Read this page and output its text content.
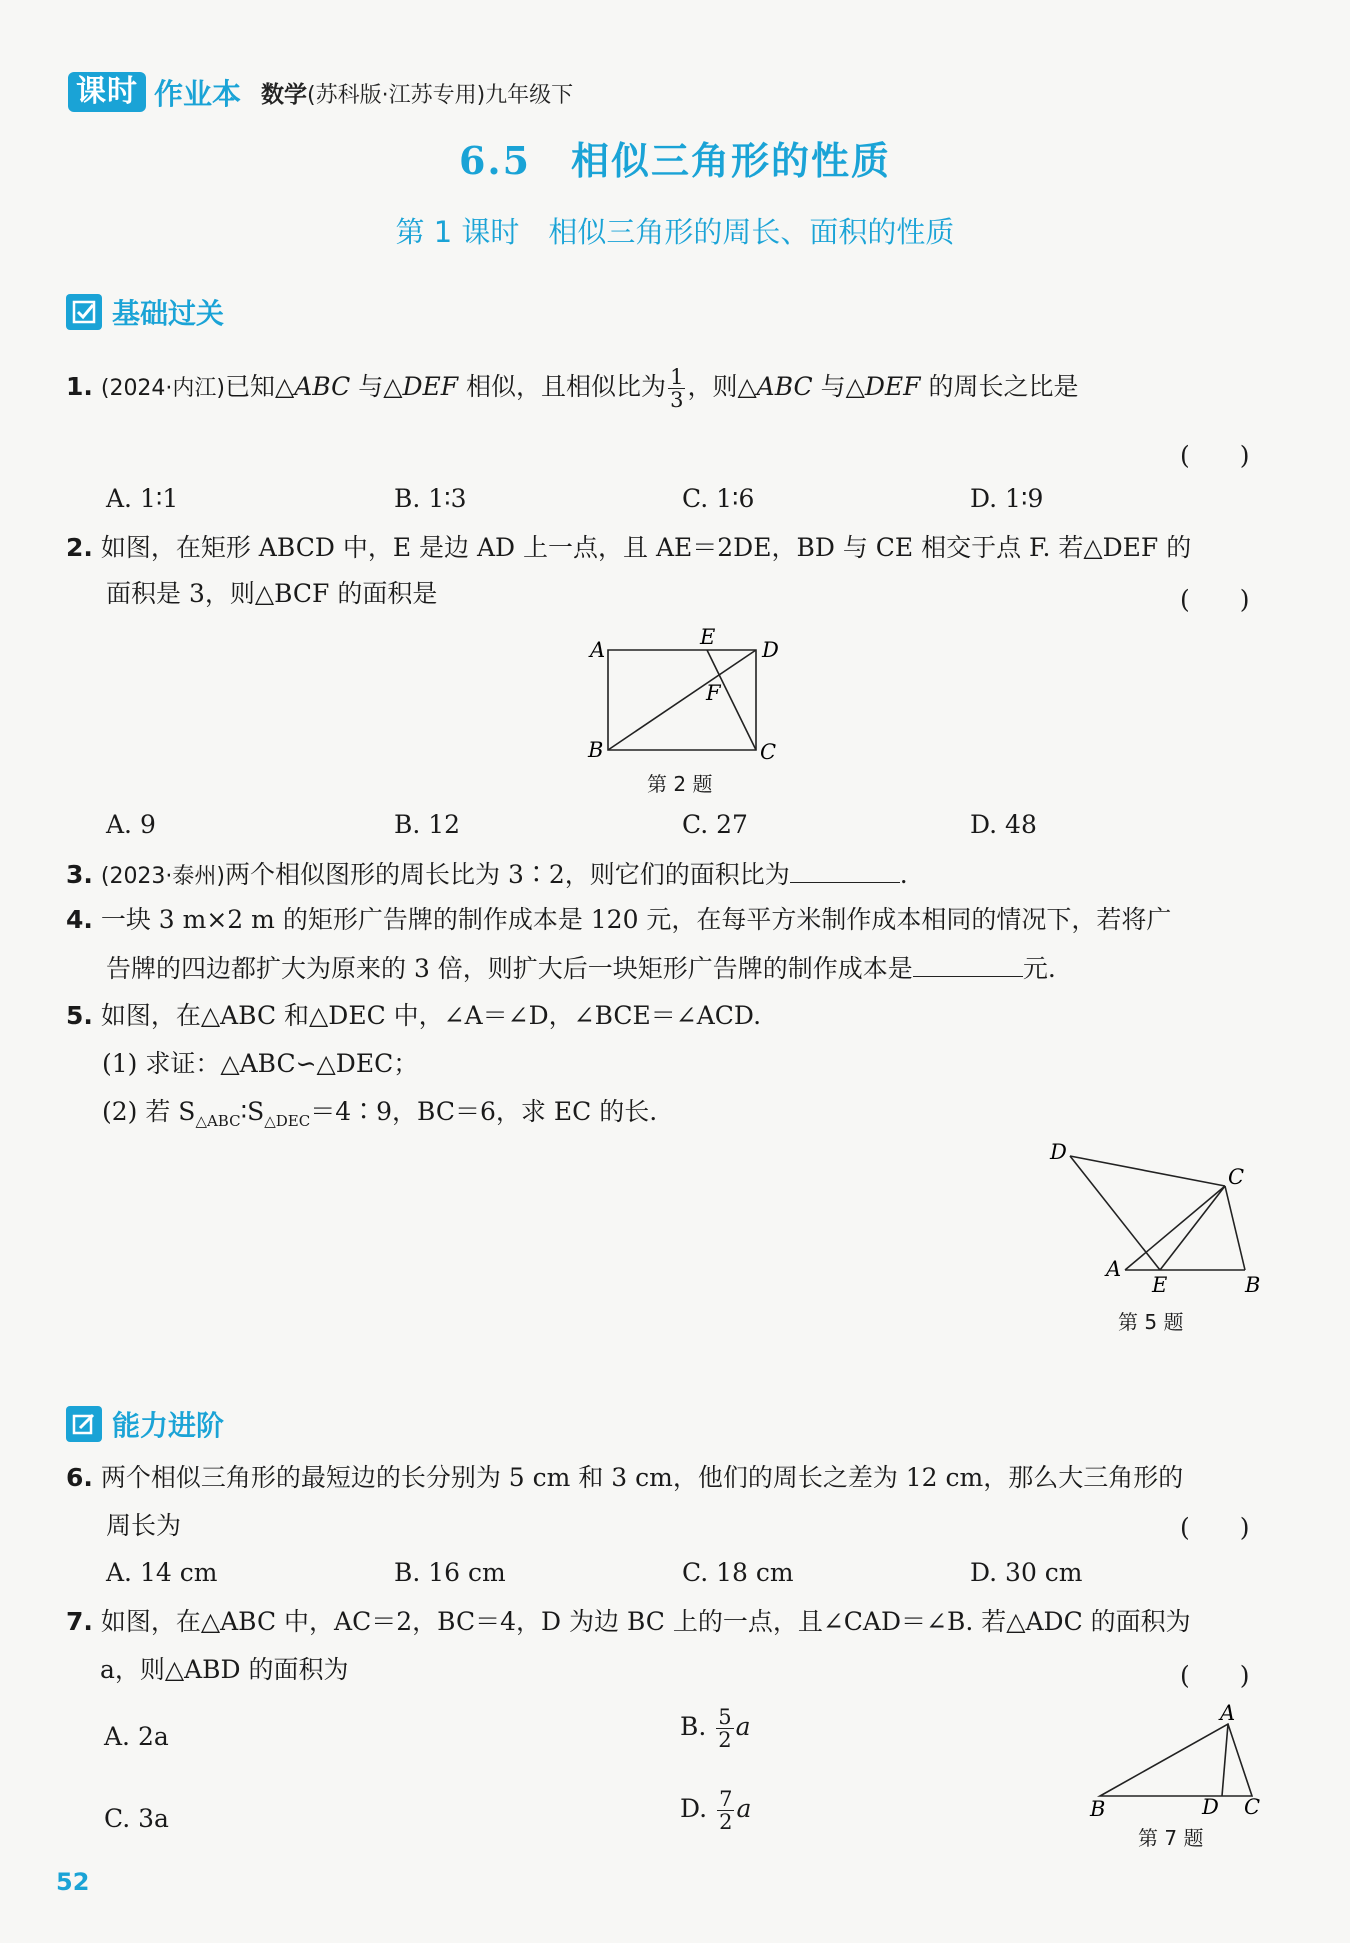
课时 作业本 数学(苏科版·江苏专用)九年级下
6.5　相似三角形的性质
第 1 课时　相似三角形的周长、面积的性质
基础过关
1. (2024·内江)已知△ABC 与△DEF 相似，且相似比为 $\frac{1}{3}$ ，则△ABC 与△DEF 的周长之比是
(　　)
A. 1∶1	B. 1∶3	C. 1∶6	D. 1∶9
2. 如图，在矩形 ABCD 中，E 是边 AD 上一点，且 AE＝2DE，BD 与 CE 相交于点 F. 若△DEF 的
面积是 3，则△BCF 的面积是	(　　)
A
E
D
F
B	C
第 2 题
A. 9	B. 12	C. 27	D. 48
3. (2023·泰州)两个相似图形的周长比为 3∶2，则它们的面积比为	.
4. 一块 3 m×2 m 的矩形广告牌的制作成本是 120 元，在每平方米制作成本相同的情况下，若将广
告牌的四边都扩大为原来的 3 倍，则扩大后一块矩形广告牌的制作成本是	元.
5. 如图，在△ABC 和△DEC 中，∠A＝∠D，∠BCE＝∠ACD.
(1) 求证：△ABC∽△DEC；
(2) 若 $S_{\triangle ABC}∶S_{\triangle DEC}=4∶9$，BC＝6，求 EC 的长.
D
C
A
E	B
第 5 题
能力进阶
6. 两个相似三角形的最短边的长分别为 5 cm 和 3 cm，他们的周长之差为 12 cm，那么大三角形的
周长为	(　　)
A. 14 cm	B. 16 cm	C. 18 cm	D. 30 cm
7. 如图，在△ABC 中，AC＝2，BC＝4，D 为边 BC 上的一点，且∠CAD＝∠B. 若△ADC 的面积为
a，则△ABD 的面积为	(　　)
A. 2a	B. $\frac{5}{2}$ a
C. 3a	D. $\frac{7}{2}$ a
A
B	D C
第 7 题
52
